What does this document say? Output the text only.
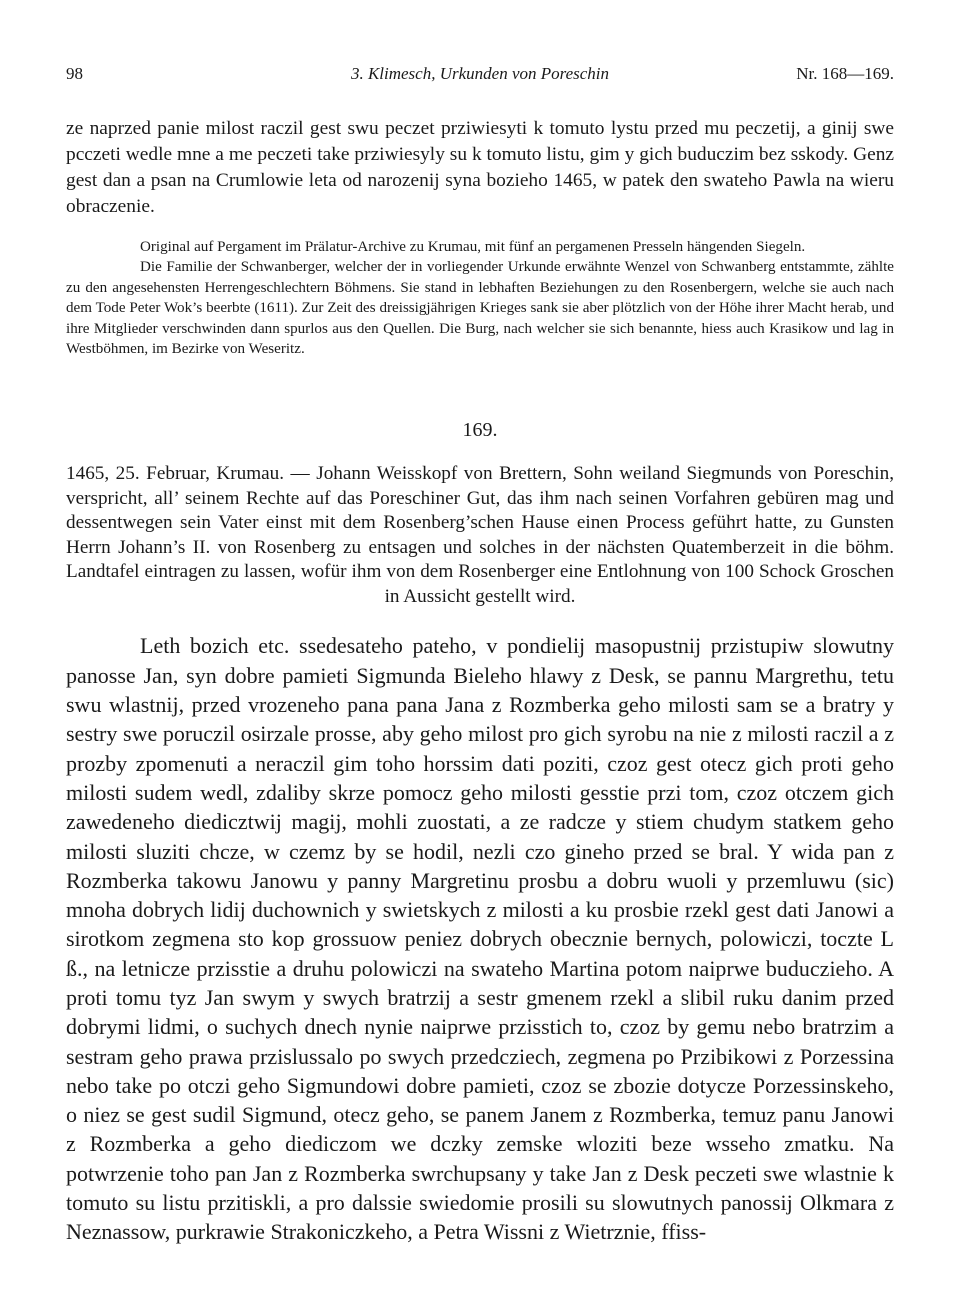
98	3. Klimesch, Urkunden von Poreschin	Nr. 168—169.

ze naprzed panie milost raczil gest swu peczet prziwiesyti k tomuto lystu przed mu peczetij, a ginij swe pcczeti wedle mne a me peczeti take prziwiesyly su k tomuto listu, gim y gich buduczim bez sskody. Genz gest dan a psan na Crumlowie leta od narozenij syna bozieho 1465, w patek den swateho Pawla na wieru obraczenie.

Original auf Pergament im Prälatur-Archive zu Krumau, mit fünf an pergamenen Presseln hängenden Siegeln.

Die Familie der Schwanberger, welcher der in vorliegender Urkunde erwähnte Wenzel von Schwanberg entstammte, zählte zu den angesehensten Herrengeschlechtern Böhmens. Sie stand in lebhaften Beziehungen zu den Rosenbergern, welche sie auch nach dem Tode Peter Wok’s beerbte (1611). Zur Zeit des dreissigjährigen Krieges sank sie aber plötzlich von der Höhe ihrer Macht herab, und ihre Mitglieder verschwinden dann spurlos aus den Quellen. Die Burg, nach welcher sie sich benannte, hiess auch Krasikow und lag in Westböhmen, im Bezirke von Weseritz.

169.
1465, 25. Februar, Krumau. — Johann Weisskopf von Brettern, Sohn weiland Siegmunds von Poreschin, verspricht, all’ seinem Rechte auf das Poreschiner Gut, das ihm nach seinen Vorfahren gebüren mag und dessentwegen sein Vater einst mit dem Rosenberg’schen Hause einen Process geführt hatte, zu Gunsten Herrn Johann’s II. von Rosenberg zu entsagen und solches in der nächsten Quatemberzeit in die böhm. Landtafel eintragen zu lassen, wofür ihm von dem Rosenberger eine Entlohnung von 100 Schock Groschen in Aussicht gestellt wird.

Leth bozich etc. ssedesateho pateho, v pondielij masopustnij przistupiw slowutny panosse Jan, syn dobre pamieti Sigmunda Bieleho hlawy z Desk, se pannu Margrethu, tetu swu wlastnij, przed vrozeneho pana pana Jana z Rozmberka geho milosti sam se a bratry y sestry swe poruczil osirzale prosse, aby geho milost pro gich syrobu na nie z milosti raczil a z prozby zpomenuti a neraczil gim toho horssim dati poziti, czoz gest otecz gich proti geho milosti sudem wedl, zdaliby skrze pomocz geho milosti gesstie przi tom, czoz otczem gich zawedeneho diedicztwij magij, mohli zuostati, a ze radcze y stiem chudym statkem geho milosti sluziti chcze, w czemz by se hodil, nezli czo gineho przed se bral. Y wida pan z Rozmberka takowu Janowu y panny Margretinu prosbu a dobru wuoli y przemluwu (sic) mnoha dobrych lidij duchownich y swietskych z milosti a ku prosbie rzekl gest dati Janowi a sirotkom zegmena sto kop grossuow peniez dobrych obecznie bernych, polowiczi, toczte L ß., na letnicze przisstie a druhu polowiczi na swateho Martina potom naiprwe buduczieho. A proti tomu tyz Jan swym y swych bratrzij a sestr gmenem rzekl a slibil ruku danim przed dobrymi lidmi, o suchych dnech nynie naiprwe przisstich to, czoz by gemu nebo bratrzim a sestram geho prawa przislussalo po swych przedcziech, zegmena po Przibikowi z Porzessina nebo take po otczi geho Sigmundowi dobre pamieti, czoz se zbozie dotycze Porzessinskeho, o niez se gest sudil Sigmund, otecz geho, se panem Janem z Rozmberka, temuz panu Janowi z Rozmberka a geho diediczom we dczky zemske wloziti beze wsseho zmatku. Na potwrzenie toho pan Jan z Rozmberka swrchupsany y take Jan z Desk peczeti swe wlastnie k tomuto su listu przitiskli, a pro dalssie swiedomie prosili su slowutnych panossij Olkmara z Neznassow, purkrawie Strakoniczkeho, a Petra Wissni z Wietrznie, ffiss-
